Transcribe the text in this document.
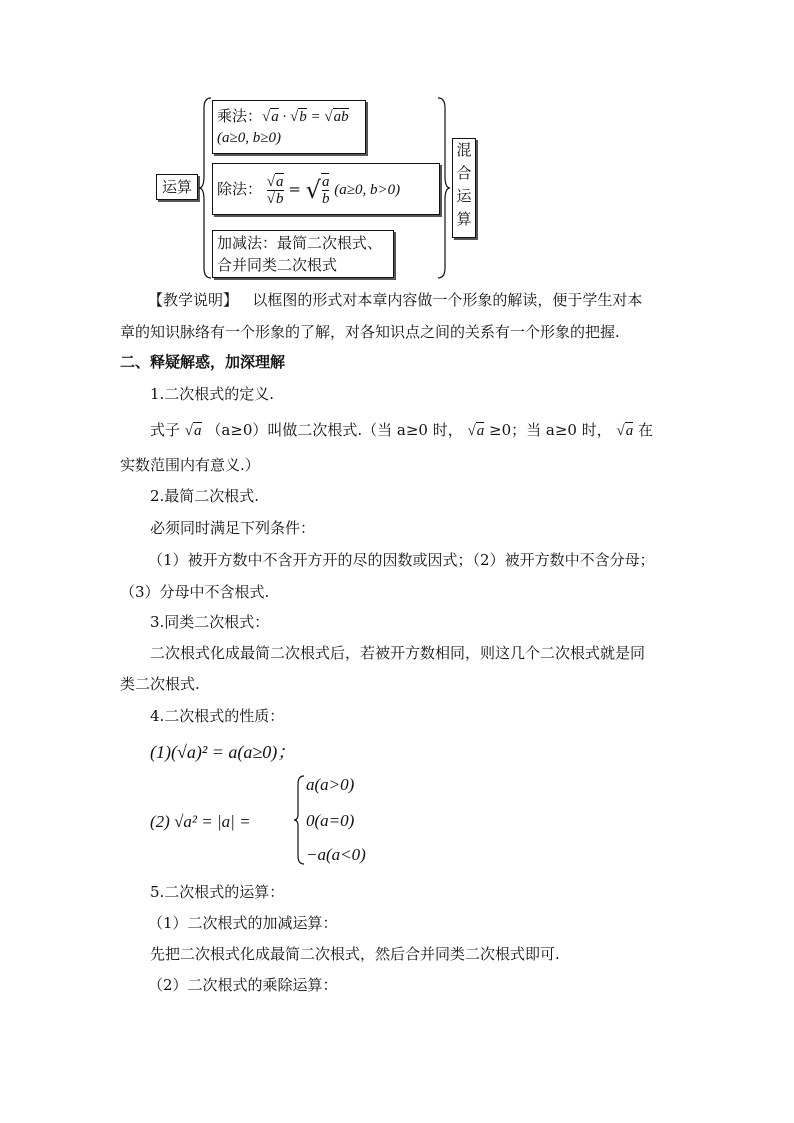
运算
乘法：√a · √b = √ab
(a≥0, b≥0)
除法： $\frac{√a}{√b}$ = √ $\frac{a}{b} (a\ge 0$, b>0)
加减法：最简二次根式、
合并同类二次根式
混
合
运
算
【教学说明】 以框图的形式对本章内容做一个形象的解读，便于学生对本
章的知识脉络有一个形象的了解，对各知识点之间的关系有一个形象的把握.
二、释疑解惑，加深理解
1.二次根式的定义.
式子 √a （a≥0）叫做二次根式.（当 a≥0 时， √a ≥0；当 a≥0 时， √a 在
实数范围内有意义.）
2.最简二次根式.
必须同时满足下列条件：
（1）被开方数中不含开方开的尽的因数或因式；（2）被开方数中不含分母；
（3）分母中不含根式.
3.同类二次根式：
二次根式化成最简二次根式后，若被开方数相同，则这几个二次根式就是同
类二次根式.
4.二次根式的性质：
(1)(√a)² = a(a≥0)；
(2) √a² = |a| =
a(a>0)
0(a=0)
−a(a<0)
5.二次根式的运算：
（1）二次根式的加减运算：
先把二次根式化成最简二次根式，然后合并同类二次根式即可.
（2）二次根式的乘除运算：
